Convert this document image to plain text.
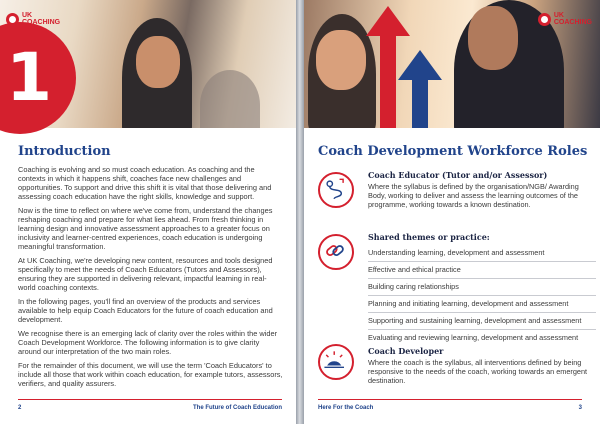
1
UK
COACHING
Introduction

Coaching is evolving and so must coach education. As coaching and the contexts in which it happens shift, coaches face new challenges and opportunities. To support and drive this shift it is vital that those delivering and assessing coach education have the right skills, knowledge and support.

Now is the time to reflect on where we've come from, understand the changes reshaping coaching and prepare for what lies ahead. From fresh thinking in learning design and innovative assessment approaches to a greater focus on inclusivity and learner-centred experiences, coach education is undergoing meaningful transformation.

At UK Coaching, we're developing new content, resources and tools designed specifically to meet the needs of Coach Educators (Tutors and Assessors), ensuring they are supported in delivering relevant, impactful learning in real-world coaching contexts.

In the following pages, you'll find an overview of the products and services available to help equip Coach Educators for the future of coach education and development.

We recognise there is an emerging lack of clarity over the roles within the wider Coach Development Workforce. The following information is to give clarity around our interpretation of the two main roles.

For the remainder of this document, we will use the term 'Coach Educators' to include all those that work within coach education, for example tutors, assessors, verifiers, and quality assurers.

2	The Future of Coach Education
UK
COACHING
Coach Development Workforce Roles
Coach Educator (Tutor and/or Assessor)
Where the syllabus is defined by the organisation/NGB/ Awarding Body, working to deliver and assess the learning outcomes of the programme, working towards a known destination.
Shared themes or practice:
Understanding learning, development and assessment
Effective and ethical practice
Building caring relationships
Planning and initiating learning, development and assessment
Supporting and sustaining learning, development and assessment
Evaluating and reviewing learning, development and assessment
Coach Developer
Where the coach is the syllabus, all interventions defined by being responsive to the needs of the coach, working towards an emergent destination.
Here For the Coach	3
